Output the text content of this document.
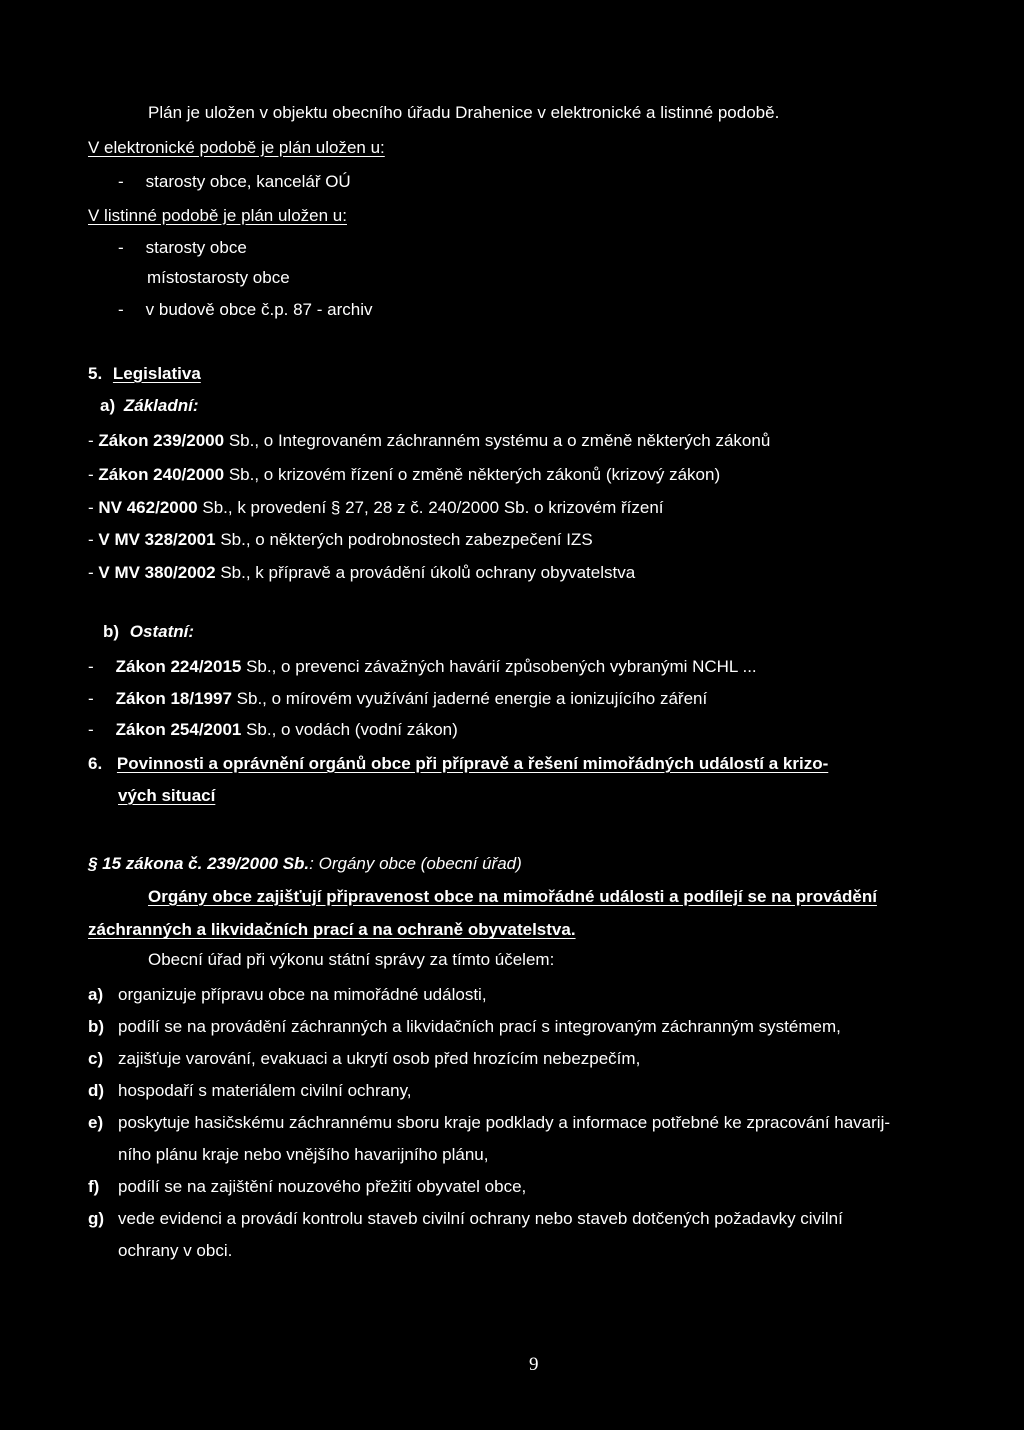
Plán je uložen v objektu obecního úřadu Drahenice v elektronické a listinné podobě.
V elektronické podobě je plán uložen u:
- starosty obce, kancelář OÚ
V listinné podobě je plán uložen u:
- starosty obce
místostarosty obce
- v budově obce č.p. 87 - archiv
5. Legislativa
a) Základní:
- Zákon 239/2000 Sb., o Integrovaném záchranném systému a o změně některých zákonů
- Zákon 240/2000 Sb., o krizovém řízení o změně některých zákonů (krizový zákon)
- NV 462/2000 Sb., k provedení § 27, 28 z č. 240/2000 Sb. o krizovém řízení
- V MV 328/2001 Sb., o některých podrobnostech zabezpečení IZS
- V MV 380/2002 Sb., k přípravě a provádění úkolů ochrany obyvatelstva
b) Ostatní:
- Zákon 224/2015 Sb., o prevenci závažných havárií způsobených vybranými NCHL ...
- Zákon 18/1997 Sb., o mírovém využívání jaderné energie a ionizujícího záření
- Zákon 254/2001 Sb., o vodách (vodní zákon)
6. Povinnosti a oprávnění orgánů obce při přípravě a řešení mimořádných událostí a krizo-
vých situací
§ 15 zákona č. 239/2000 Sb.: Orgány obce (obecní úřad)
Orgány obce zajišťují připravenost obce na mimořádné události a podílejí se na provádění
záchranných a likvidačních prací a na ochraně obyvatelstva.
Obecní úřad při výkonu státní správy za tímto účelem:
a) organizuje přípravu obce na mimořádné události,
b) podílí se na provádění záchranných a likvidačních prací s integrovaným záchranným systémem,
c) zajišťuje varování, evakuaci a ukrytí osob před hrozícím nebezpečím,
d) hospodaří s materiálem civilní ochrany,
e) poskytuje hasičskému záchrannému sboru kraje podklady a informace potřebné ke zpracování havarij-
ního plánu kraje nebo vnějšího havarijního plánu,
f) podílí se na zajištění nouzového přežití obyvatel obce,
g) vede evidenci a provádí kontrolu staveb civilní ochrany nebo staveb dotčených požadavky civilní
ochrany v obci.
9
